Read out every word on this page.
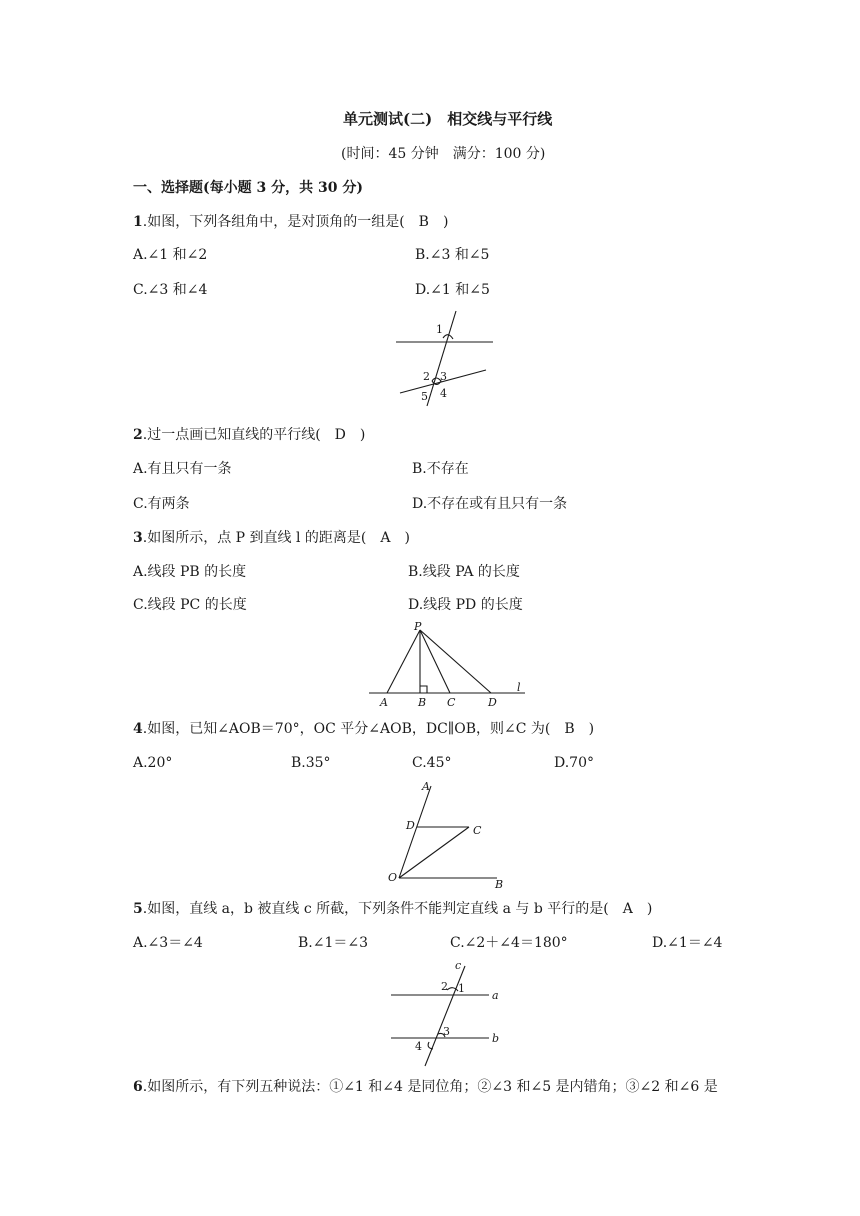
单元测试(二)　相交线与平行线
(时间：45 分钟　满分：100 分)
一、选择题(每小题 3 分，共 30 分)
1.如图，下列各组角中，是对顶角的一组是(　B　)
A.∠1 和∠2	B.∠3 和∠5
C.∠3 和∠4	D.∠1 和∠5
1
2 3
5 4
2.过一点画已知直线的平行线(　D　)
A.有且只有一条	B.不存在
C.有两条	D.不存在或有且只有一条
3.如图所示，点 P 到直线 l 的距离是(　A　)
A.线段 PB 的长度	B.线段 PA 的长度
C.线段 PC 的长度	D.线段 PD 的长度
P
A	B C	D
l
4.如图，已知∠AOB＝70°，OC 平分∠AOB，DC∥OB，则∠C 为(　B　)
A.20°	B.35°	C.45°	D.70°
A
D	C
O
B
5.如图，直线 a，b 被直线 c 所截，下列条件不能判定直线 a 与 b 平行的是(　A　)
A.∠3＝∠4	B.∠1＝∠3	C.∠2＋∠4＝180°	D.∠1＝∠4
c
2 1
a
3
b
4
6.如图所示，有下列五种说法：①∠1 和∠4 是同位角；②∠3 和∠5 是内错角；③∠2 和∠6 是
